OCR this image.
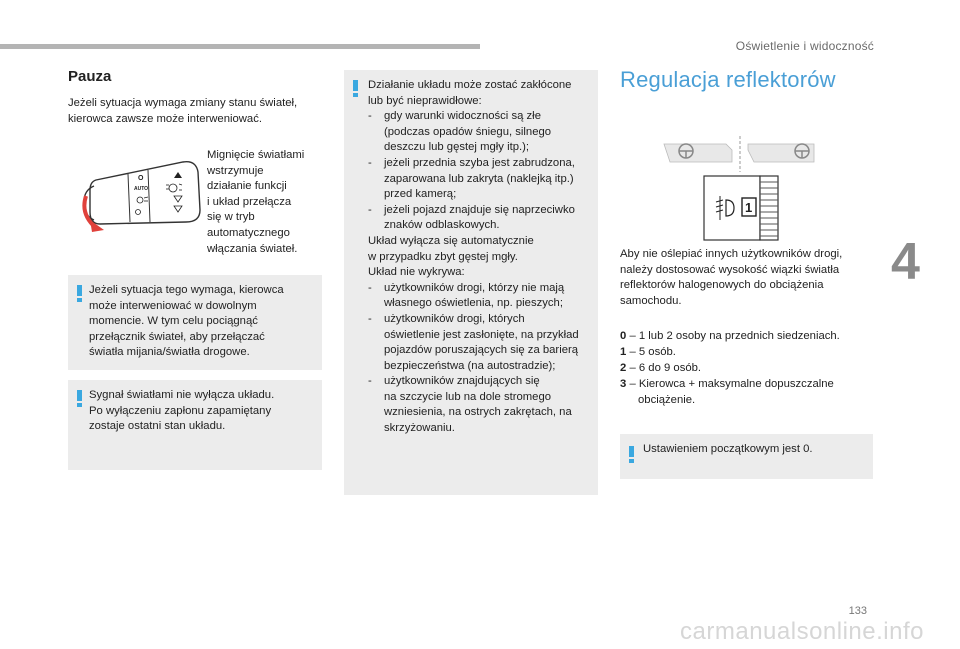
Oświetlenie i widoczność
4
133
carmanualsonline.info
Pauza
Jeżeli sytuacja wymaga zmiany stanu świateł,
kierowca zawsze może interweniować.
O
AUTO
Mignięcie światłami
wstrzymuje
działanie funkcji
i układ przełącza
się w tryb
automatycznego
włączania świateł.
Jeżeli sytuacja tego wymaga, kierowca
może interweniować w dowolnym
momencie. W tym celu pociągnąć
przełącznik świateł, aby przełączać
światła mijania/światła drogowe.
Sygnał światłami nie wyłącza układu.
Po wyłączeniu zapłonu zapamiętany
zostaje ostatni stan układu.
Działanie układu może zostać zakłócone
lub być nieprawidłowe:
-	gdy warunki widoczności są złe
(podczas opadów śniegu, silnego
deszczu lub gęstej mgły itp.);
-	jeżeli przednia szyba jest zabrudzona,
zaparowana lub zakryta (naklejką itp.)
przed kamerą;
-	jeżeli pojazd znajduje się naprzeciwko
znaków odblaskowych.
Układ wyłącza się automatycznie
w przypadku zbyt gęstej mgły.
Układ nie wykrywa:
-	użytkowników drogi, którzy nie mają
własnego oświetlenia, np. pieszych;
-	użytkowników drogi, których
oświetlenie jest zasłonięte, na przykład
pojazdów poruszających się za barierą
bezpieczeństwa (na autostradzie);
-	użytkowników znajdujących się
na szczycie lub na dole stromego
wzniesienia, na ostrych zakrętach, na
skrzyżowaniu.
Regulacja reflektorów
1
Aby nie oślepiać innych użytkowników drogi,
należy dostosować wysokość wiązki światła
reflektorów halogenowych do obciążenia
samochodu.
0
– 1 lub 2 osoby na przednich siedzeniach.
1
– 5 osób.
2
– 6 do 9 osób.
3
– Kierowca + maksymalne dopuszczalne
obciążenie.
Ustawieniem początkowym jest 0.
